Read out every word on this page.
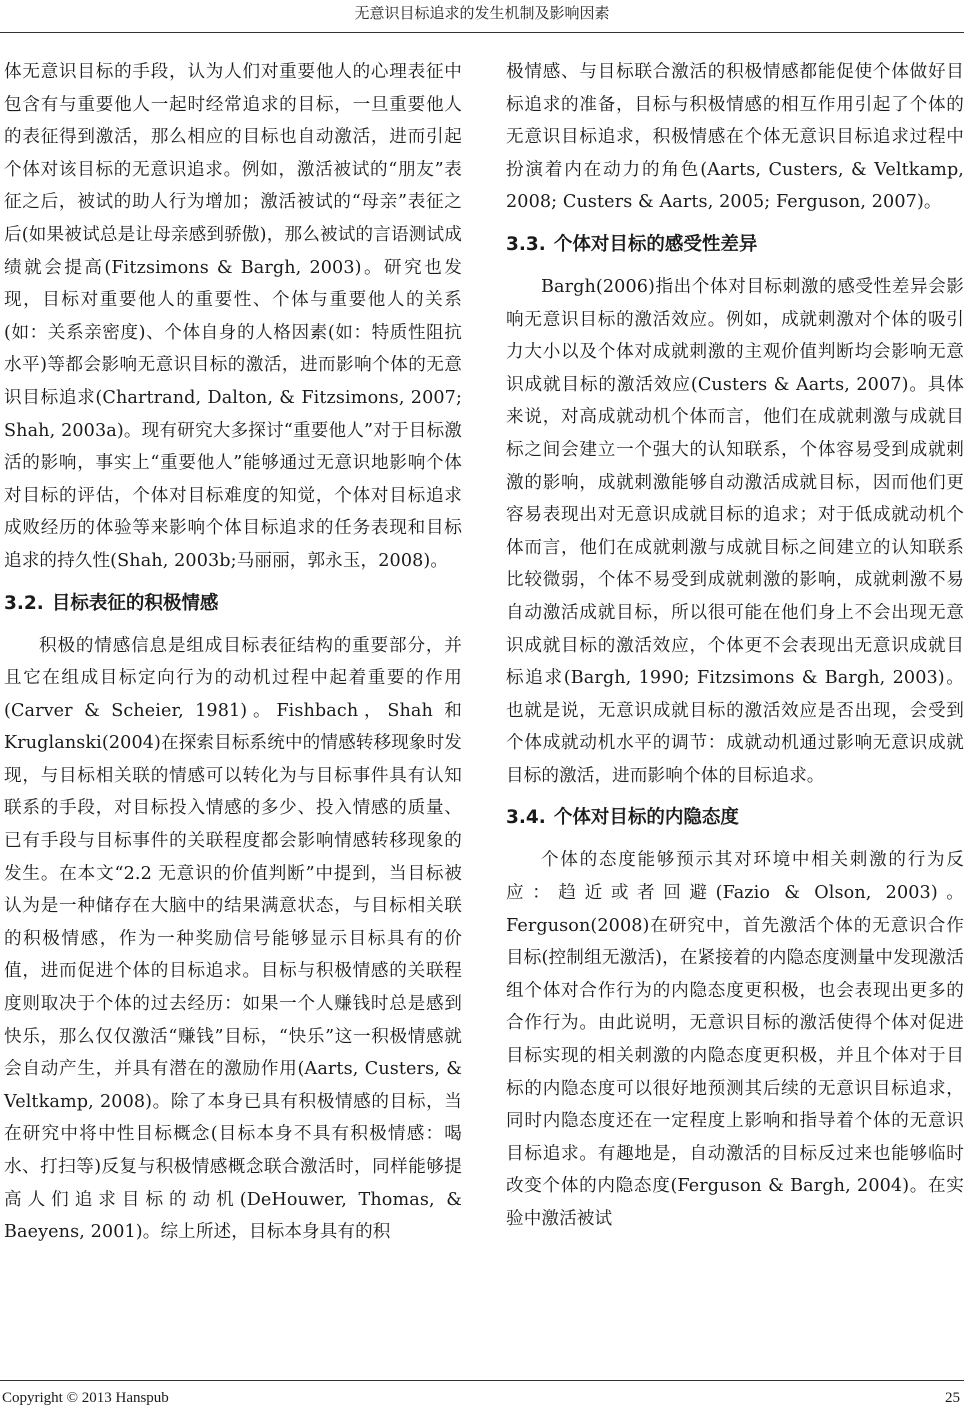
无意识目标追求的发生机制及影响因素

体无意识目标的手段，认为人们对重要他人的心理表征中包含有与重要他人一起时经常追求的目标，一旦重要他人的表征得到激活，那么相应的目标也自动激活，进而引起个体对该目标的无意识追求。例如，激活被试的“朋友”表征之后，被试的助人行为增加；激活被试的“母亲”表征之后(如果被试总是让母亲感到骄傲)，那么被试的言语测试成绩就会提高(Fitzsimons & Bargh, 2003)。研究也发现，目标对重要他人的重要性、个体与重要他人的关系(如：关系亲密度)、个体自身的人格因素(如：特质性阻抗水平)等都会影响无意识目标的激活，进而影响个体的无意识目标追求(Chartrand, Dalton, & Fitzsimons, 2007; Shah, 2003a)。现有研究大多探讨“重要他人”对于目标激活的影响，事实上“重要他人”能够通过无意识地影响个体对目标的评估，个体对目标难度的知觉，个体对目标追求成败经历的体验等来影响个体目标追求的任务表现和目标追求的持久性(Shah, 2003b;马丽丽，郭永玉，2008)。

3.2. 目标表征的积极情感

积极的情感信息是组成目标表征结构的重要部分，并且它在组成目标定向行为的动机过程中起着重要的作用(Carver & Scheier, 1981)。Fishbach，Shah 和 Kruglanski(2004)在探索目标系统中的情感转移现象时发现，与目标相关联的情感可以转化为与目标事件具有认知联系的手段，对目标投入情感的多少、投入情感的质量、已有手段与目标事件的关联程度都会影响情感转移现象的发生。在本文“2.2 无意识的价值判断”中提到，当目标被认为是一种储存在大脑中的结果满意状态，与目标相关联的积极情感，作为一种奖励信号能够显示目标具有的价值，进而促进个体的目标追求。目标与积极情感的关联程度则取决于个体的过去经历：如果一个人赚钱时总是感到快乐，那么仅仅激活“赚钱”目标，“快乐”这一积极情感就会自动产生，并具有潜在的激励作用(Aarts, Custers, & Veltkamp, 2008)。除了本身已具有积极情感的目标，当在研究中将中性目标概念(目标本身不具有积极情感：喝水、打扫等)反复与积极情感概念联合激活时，同样能够提高人们追求目标的动机(DeHouwer, Thomas, & Baeyens, 2001)。综上所述，目标本身具有的积

极情感、与目标联合激活的积极情感都能促使个体做好目标追求的准备，目标与积极情感的相互作用引起了个体的无意识目标追求，积极情感在个体无意识目标追求过程中扮演着内在动力的角色(Aarts, Custers, & Veltkamp, 2008; Custers & Aarts, 2005; Ferguson, 2007)。

3.3. 个体对目标的感受性差异

Bargh(2006)指出个体对目标刺激的感受性差异会影响无意识目标的激活效应。例如，成就刺激对个体的吸引力大小以及个体对成就刺激的主观价值判断均会影响无意识成就目标的激活效应(Custers & Aarts, 2007)。具体来说，对高成就动机个体而言，他们在成就刺激与成就目标之间会建立一个强大的认知联系，个体容易受到成就刺激的影响，成就刺激能够自动激活成就目标，因而他们更容易表现出对无意识成就目标的追求；对于低成就动机个体而言，他们在成就刺激与成就目标之间建立的认知联系比较微弱，个体不易受到成就刺激的影响，成就刺激不易自动激活成就目标，所以很可能在他们身上不会出现无意识成就目标的激活效应，个体更不会表现出无意识成就目标追求(Bargh, 1990; Fitzsimons & Bargh, 2003)。也就是说，无意识成就目标的激活效应是否出现，会受到个体成就动机水平的调节：成就动机通过影响无意识成就目标的激活，进而影响个体的目标追求。

3.4. 个体对目标的内隐态度

个体的态度能够预示其对环境中相关刺激的行为反应：趋近或者回避(Fazio & Olson, 2003)。Ferguson(2008)在研究中，首先激活个体的无意识合作目标(控制组无激活)，在紧接着的内隐态度测量中发现激活组个体对合作行为的内隐态度更积极，也会表现出更多的合作行为。由此说明，无意识目标的激活使得个体对促进目标实现的相关刺激的内隐态度更积极，并且个体对于目标的内隐态度可以很好地预测其后续的无意识目标追求，同时内隐态度还在一定程度上影响和指导着个体的无意识目标追求。有趣地是，自动激活的目标反过来也能够临时改变个体的内隐态度(Ferguson & Bargh, 2004)。在实验中激活被试

Copyright © 2013 Hanspub	25
